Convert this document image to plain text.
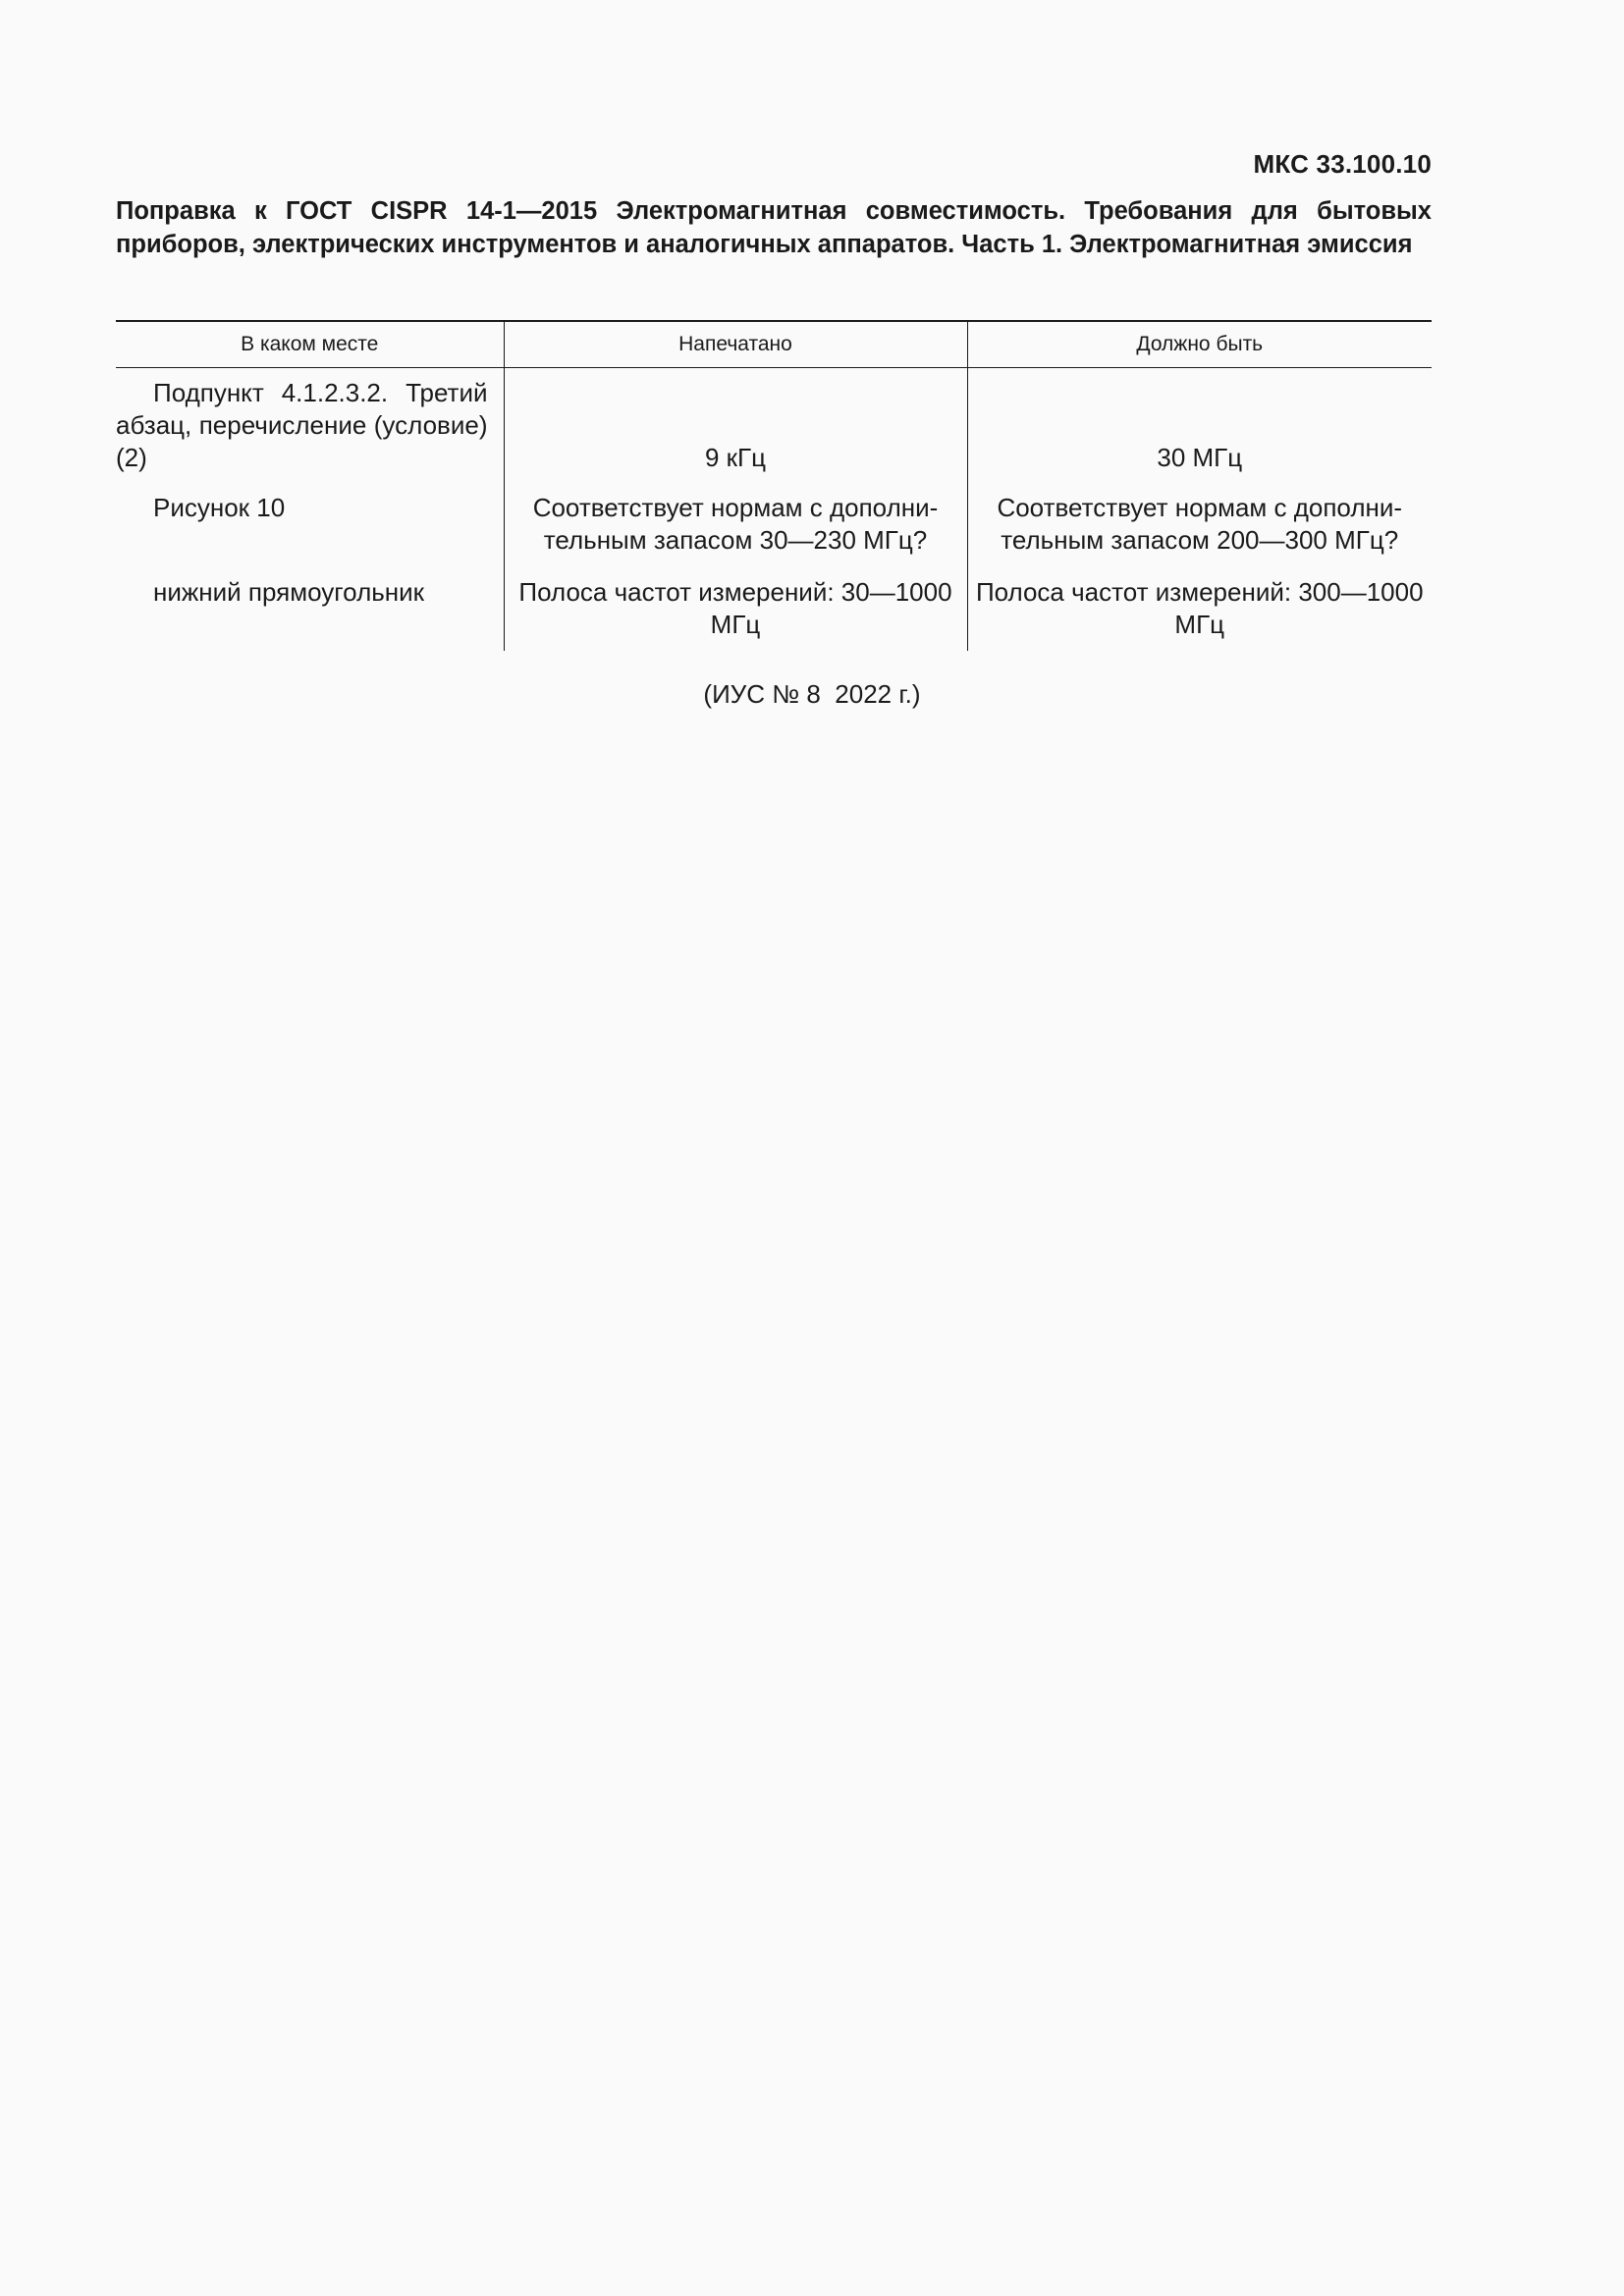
МКС 33.100.10

Поправка к ГОСТ CISPR 14-1—2015 Электромагнитная совместимость. Требования для бытовых приборов, электрических инструментов и аналогичных аппаратов. Часть 1. Электромагнитная эмиссия

В каком месте	Напечатано	Должно быть
Подпункт 4.1.2.3.2. Третий абзац, перечисление (условие) (2)	9 кГц	30 МГц
Рисунок 10	Соответствует нормам с дополнительным запасом 30—230 МГц?	Соответствует нормам с дополнительным запасом 200—300 МГц?
нижний прямоугольник	Полоса частот измерений: 30—1000 МГц	Полоса частот измерений: 300—1000 МГц
(ИУС № 8  2022 г.)
